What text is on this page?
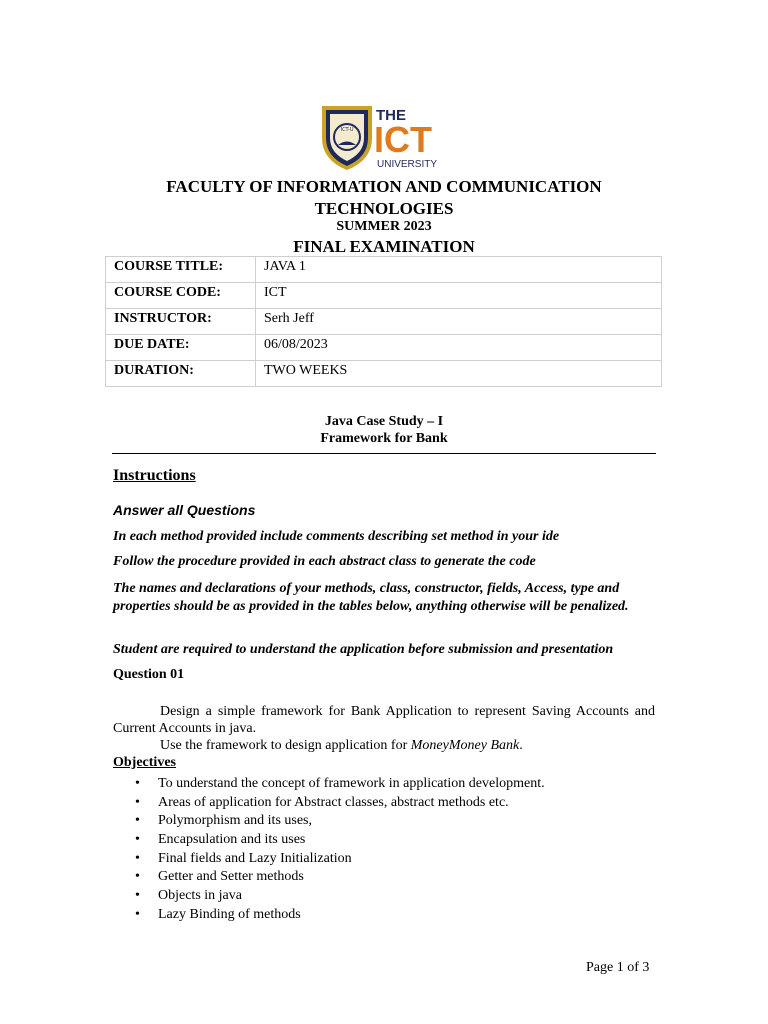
ICT-U
THE
ICT
UNIVERSITY
FACULTY OF INFORMATION AND COMMUNICATION
TECHNOLOGIES
SUMMER 2023
FINAL EXAMINATION
COURSE TITLE:	JAVA 1
COURSE CODE:	ICT
INSTRUCTOR:	Serh Jeff
DUE DATE:	06/08/2023
DURATION:	TWO WEEKS
Java Case Study – I
Framework for Bank
Instructions
Answer all Questions
In each method provided include comments describing set method in your ide
Follow the procedure provided in each abstract class to generate the code
The names and declarations of your methods, class, constructor, fields, Access, type and properties should be as provided in the tables below, anything otherwise will be penalized.
Student are required to understand the application before submission and presentation
Question 01
Design a simple framework for Bank Application to represent Saving Accounts and Current Accounts in java.
Use the framework to design application for MoneyMoney Bank.
Objectives
• To understand the concept of framework in application development.
• Areas of application for Abstract classes, abstract methods etc.
• Polymorphism and its uses,
• Encapsulation and its uses
• Final fields and Lazy Initialization
• Getter and Setter methods
• Objects in java
• Lazy Binding of methods
Page 1 of 3
